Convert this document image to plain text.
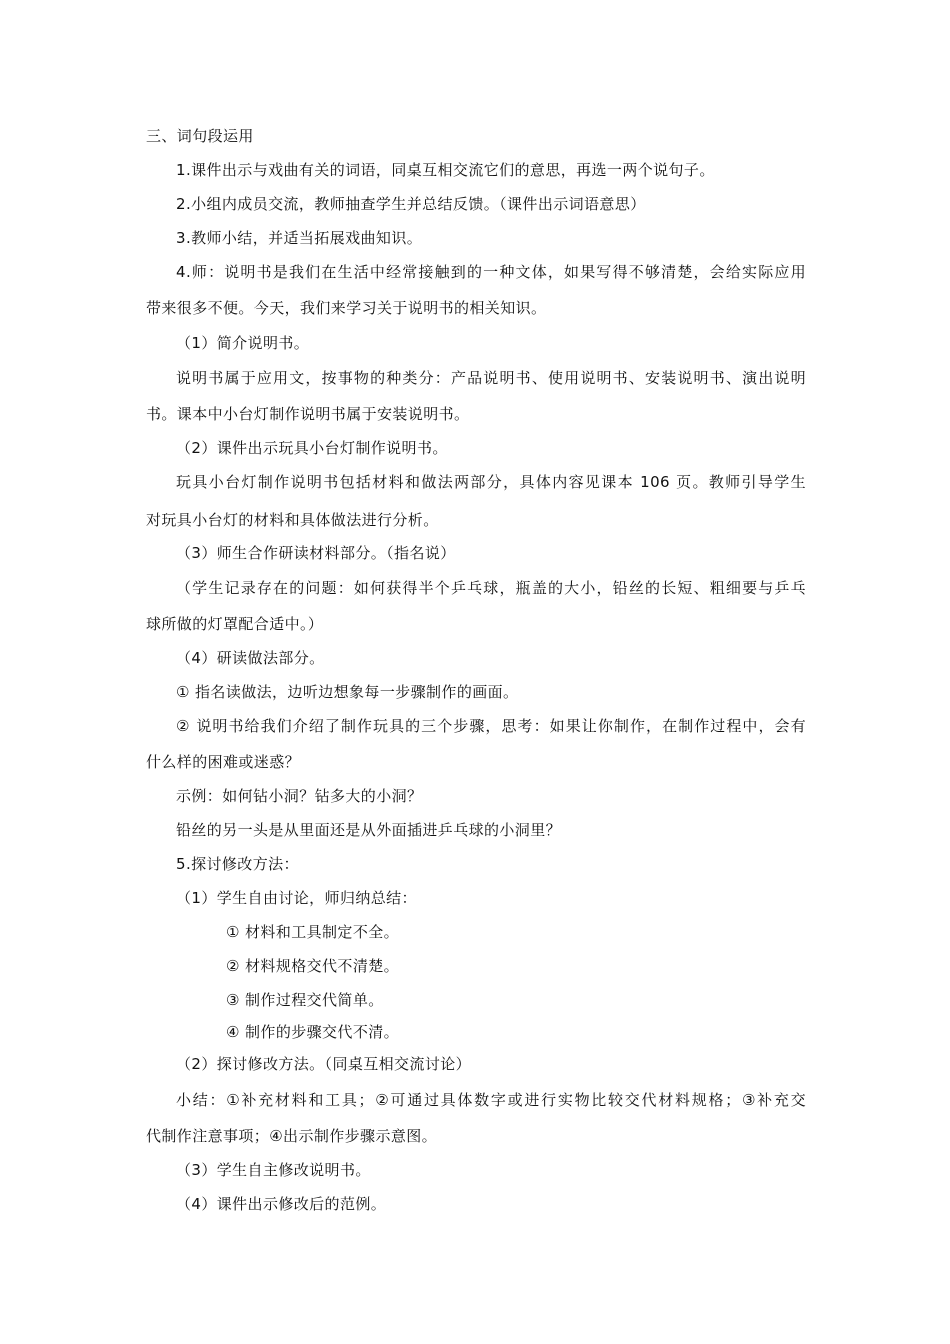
三、词句段运用
1.课件出示与戏曲有关的词语，同桌互相交流它们的意思，再选一两个说句子。
2.小组内成员交流，教师抽查学生并总结反馈。（课件出示词语意思）
3.教师小结，并适当拓展戏曲知识。
4.师：说明书是我们在生活中经常接触到的一种文体，如果写得不够清楚，会给实际应用
带来很多不便。今天，我们来学习关于说明书的相关知识。
（1）简介说明书。
说明书属于应用文，按事物的种类分：产品说明书、使用说明书、安装说明书、演出说明
书。课本中小台灯制作说明书属于安装说明书。
（2）课件出示玩具小台灯制作说明书。
玩具小台灯制作说明书包括材料和做法两部分，具体内容见课本 106 页。教师引导学生
对玩具小台灯的材料和具体做法进行分析。
（3）师生合作研读材料部分。（指名说）
（学生记录存在的问题：如何获得半个乒乓球，瓶盖的大小，铅丝的长短、粗细要与乒乓
球所做的灯罩配合适中。）
（4）研读做法部分。
① 指名读做法，边听边想象每一步骤制作的画面。
② 说明书给我们介绍了制作玩具的三个步骤，思考：如果让你制作，在制作过程中，会有
什么样的困难或迷惑？
示例：如何钻小洞？钻多大的小洞？
铅丝的另一头是从里面还是从外面插进乒乓球的小洞里？
5.探讨修改方法：
（1）学生自由讨论，师归纳总结：
① 材料和工具制定不全。
② 材料规格交代不清楚。
③ 制作过程交代简单。
④ 制作的步骤交代不清。
（2）探讨修改方法。（同桌互相交流讨论）
小结：①补充材料和工具；②可通过具体数字或进行实物比较交代材料规格；③补充交
代制作注意事项；④出示制作步骤示意图。
（3）学生自主修改说明书。
（4）课件出示修改后的范例。
